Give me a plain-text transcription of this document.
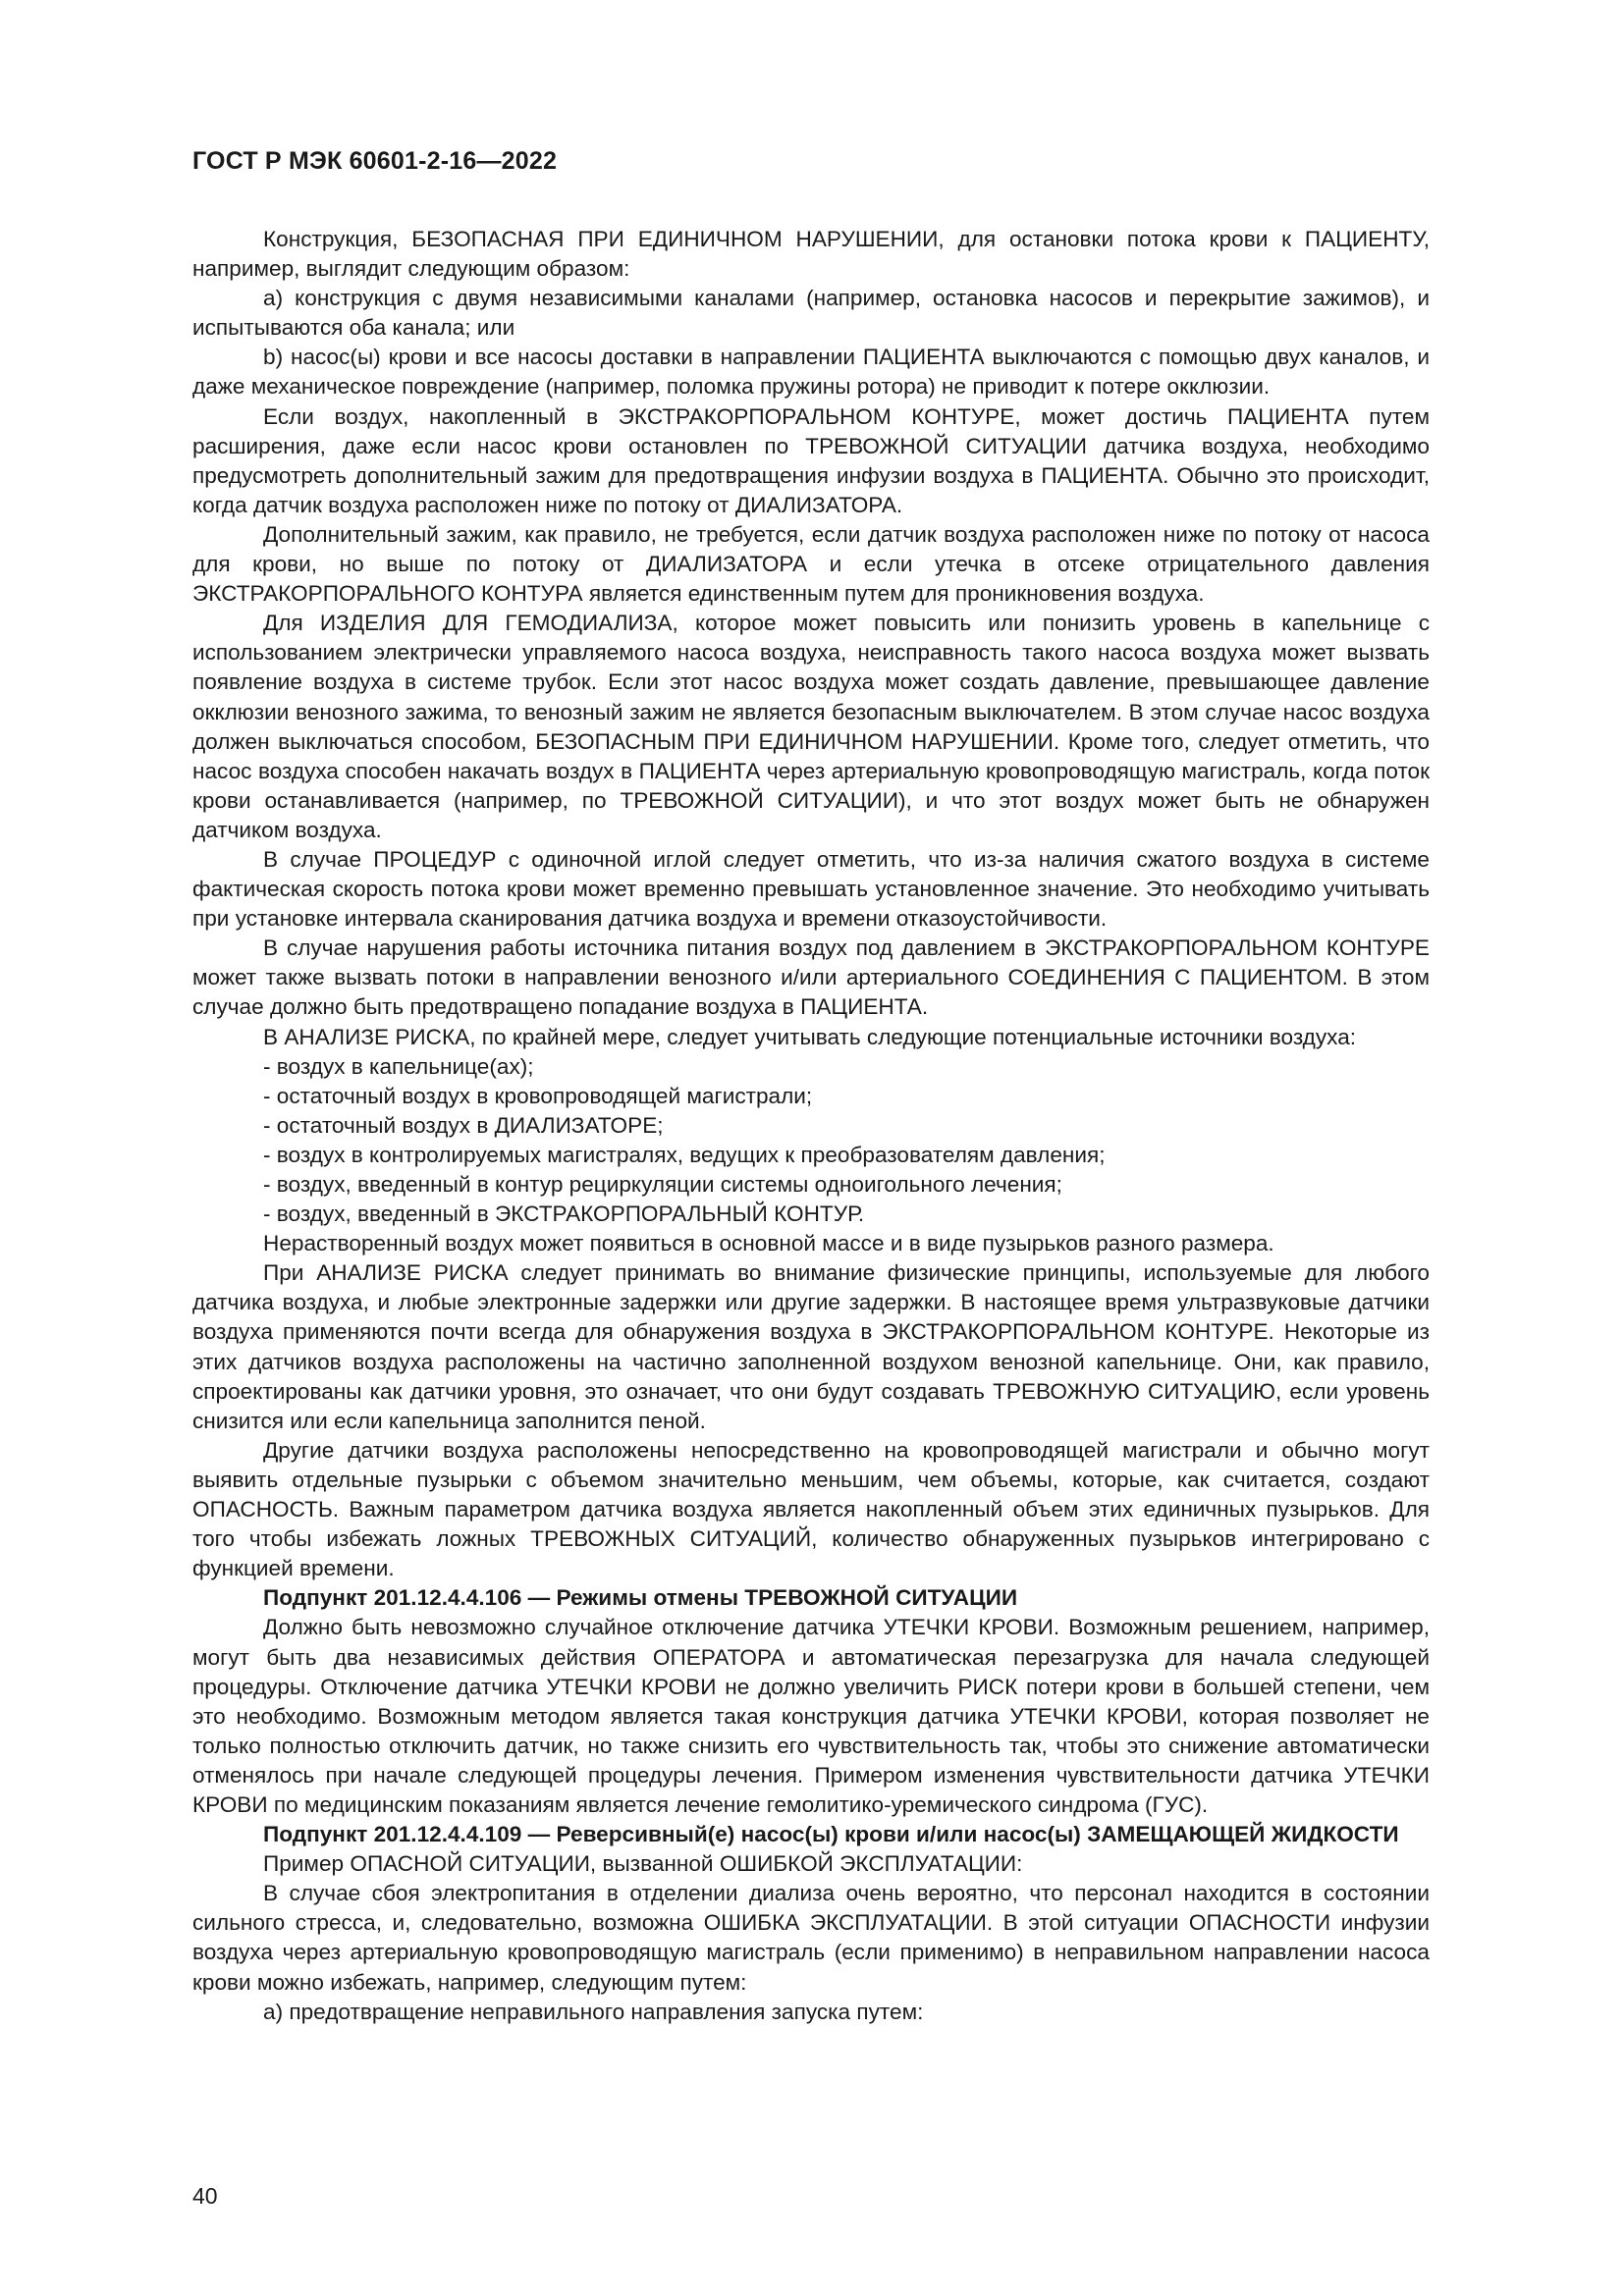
ГОСТ Р МЭК 60601-2-16—2022

Конструкция, БЕЗОПАСНАЯ ПРИ ЕДИНИЧНОМ НАРУШЕНИИ, для остановки потока крови к ПАЦИЕНТУ, например, выглядит следующим образом:

а) конструкция с двумя независимыми каналами (например, остановка насосов и перекрытие зажимов), и испытываются оба канала; или

b) насос(ы) крови и все насосы доставки в направлении ПАЦИЕНТА выключаются с помощью двух каналов, и даже механическое повреждение (например, поломка пружины ротора) не приводит к потере окклюзии.

Если воздух, накопленный в ЭКСТРАКОРПОРАЛЬНОМ КОНТУРЕ, может достичь ПАЦИЕНТА путем расширения, даже если насос крови остановлен по ТРЕВОЖНОЙ СИТУАЦИИ датчика воздуха, необходимо предусмотреть дополнительный зажим для предотвращения инфузии воздуха в ПАЦИЕНТА. Обычно это происходит, когда датчик воздуха расположен ниже по потоку от ДИАЛИЗАТОРА.

Дополнительный зажим, как правило, не требуется, если датчик воздуха расположен ниже по потоку от насоса для крови, но выше по потоку от ДИАЛИЗАТОРА и если утечка в отсеке отрицательного давления ЭКСТРАКОРПОРАЛЬНОГО КОНТУРА является единственным путем для проникновения воздуха.

Для ИЗДЕЛИЯ ДЛЯ ГЕМОДИАЛИЗА, которое может повысить или понизить уровень в капельнице с использованием электрически управляемого насоса воздуха, неисправность такого насоса воздуха может вызвать появление воздуха в системе трубок. Если этот насос воздуха может создать давление, превышающее давление окклюзии венозного зажима, то венозный зажим не является безопасным выключателем. В этом случае насос воздуха должен выключаться способом, БЕЗОПАСНЫМ ПРИ ЕДИНИЧНОМ НАРУШЕНИИ. Кроме того, следует отметить, что насос воздуха способен накачать воздух в ПАЦИЕНТА через артериальную кровопроводящую магистраль, когда поток крови останавливается (например, по ТРЕВОЖНОЙ СИТУАЦИИ), и что этот воздух может быть не обнаружен датчиком воздуха.

В случае ПРОЦЕДУР с одиночной иглой следует отметить, что из-за наличия сжатого воздуха в системе фактическая скорость потока крови может временно превышать установленное значение. Это необходимо учитывать при установке интервала сканирования датчика воздуха и времени отказоустойчивости.

В случае нарушения работы источника питания воздух под давлением в ЭКСТРАКОРПОРАЛЬНОМ КОНТУРЕ может также вызвать потоки в направлении венозного и/или артериального СОЕДИНЕНИЯ С ПАЦИЕНТОМ. В этом случае должно быть предотвращено попадание воздуха в ПАЦИЕНТА.

В АНАЛИЗЕ РИСКА, по крайней мере, следует учитывать следующие потенциальные источники воздуха:

- воздух в капельнице(ах);
- остаточный воздух в кровопроводящей магистрали;
- остаточный воздух в ДИАЛИЗАТОРЕ;
- воздух в контролируемых магистралях, ведущих к преобразователям давления;
- воздух, введенный в контур рециркуляции системы одноигольного лечения;
- воздух, введенный в ЭКСТРАКОРПОРАЛЬНЫЙ КОНТУР.

Нерастворенный воздух может появиться в основной массе и в виде пузырьков разного размера.

При АНАЛИЗЕ РИСКА следует принимать во внимание физические принципы, используемые для любого датчика воздуха, и любые электронные задержки или другие задержки. В настоящее время ультразвуковые датчики воздуха применяются почти всегда для обнаружения воздуха в ЭКСТРАКОРПОРАЛЬНОМ КОНТУРЕ. Некоторые из этих датчиков воздуха расположены на частично заполненной воздухом венозной капельнице. Они, как правило, спроектированы как датчики уровня, это означает, что они будут создавать ТРЕВОЖНУЮ СИТУАЦИЮ, если уровень снизится или если капельница заполнится пеной.

Другие датчики воздуха расположены непосредственно на кровопроводящей магистрали и обычно могут выявить отдельные пузырьки с объемом значительно меньшим, чем объемы, которые, как считается, создают ОПАСНОСТЬ. Важным параметром датчика воздуха является накопленный объем этих единичных пузырьков. Для того чтобы избежать ложных ТРЕВОЖНЫХ СИТУАЦИЙ, количество обнаруженных пузырьков интегрировано с функцией времени.

Подпункт 201.12.4.4.106 — Режимы отмены ТРЕВОЖНОЙ СИТУАЦИИ

Должно быть невозможно случайное отключение датчика УТЕЧКИ КРОВИ. Возможным решением, например, могут быть два независимых действия ОПЕРАТОРА и автоматическая перезагрузка для начала следующей процедуры. Отключение датчика УТЕЧКИ КРОВИ не должно увеличить РИСК потери крови в большей степени, чем это необходимо. Возможным методом является такая конструкция датчика УТЕЧКИ КРОВИ, которая позволяет не только полностью отключить датчик, но также снизить его чувствительность так, чтобы это снижение автоматически отменялось при начале следующей процедуры лечения. Примером изменения чувствительности датчика УТЕЧКИ КРОВИ по медицинским показаниям является лечение гемолитико-уремического синдрома (ГУС).

Подпункт 201.12.4.4.109 — Реверсивный(е) насос(ы) крови и/или насос(ы) ЗАМЕЩАЮЩЕЙ ЖИДКОСТИ

Пример ОПАСНОЙ СИТУАЦИИ, вызванной ОШИБКОЙ ЭКСПЛУАТАЦИИ:

В случае сбоя электропитания в отделении диализа очень вероятно, что персонал находится в состоянии сильного стресса, и, следовательно, возможна ОШИБКА ЭКСПЛУАТАЦИИ. В этой ситуации ОПАСНОСТИ инфузии воздуха через артериальную кровопроводящую магистраль (если применимо) в неправильном направлении насоса крови можно избежать, например, следующим путем:

а) предотвращение неправильного направления запуска путем:

40
